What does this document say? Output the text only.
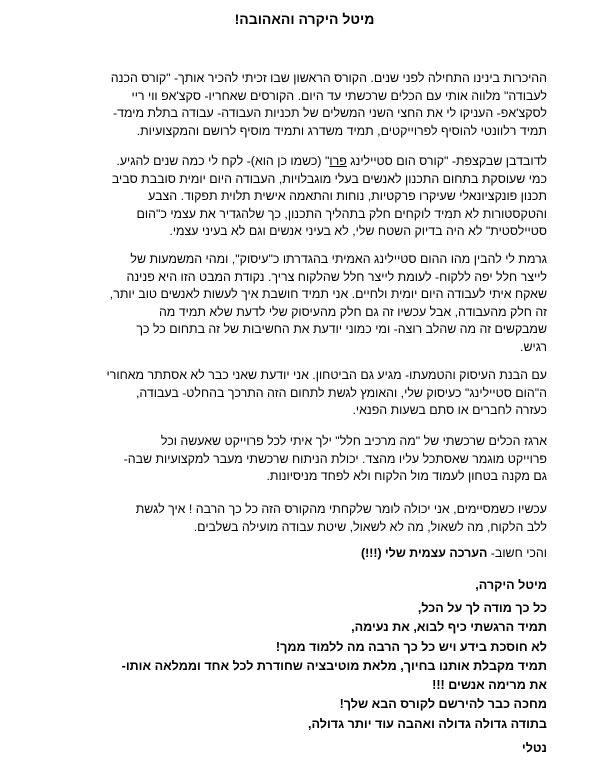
מיטל היקרה והאהובה!

ההיכרות בינינו התחילה לפני שנים. הקורס הראשון שבו זכיתי להכיר אותך- "קורס הכנה
לעבודה" מלווה אותי עם הכלים שרכשתי עד היום. הקורסים שאחריו- סקצ'אפ ווי ריי
לסקצ'אפ- העניקו לי את החצי השני המשלים של תכניות העבודה- עבודה בתלת מימד-
תמיד רלוונטי להוסיף לפרוייקטים, תמיד משדרג ותמיד מוסיף לרושם והמקצועיות.

לדובדבן שבקצפת- "קורס הום סטיילינג פרו" (כשמו כן הוא)- לקח לי כמה שנים להגיע.
כמי שעוסקת בתחום התכנון לאנשים בעלי מוגבלויות, העבודה היום יומית סובבת סביב
תכנון פונקציונאלי שעיקרו פרקטיות, נוחות והתאמה אישית תלוית תפקוד. הצבע
והטקסטורות לא תמיד לוקחים חלק בתהליך התכנון, כך שלהגדיר את עצמי כ"הום
סטיילסטית" לא היה בדיוק השטח שלי, לא בעיני אנשים וגם לא בעיני עצמי.

גרמת לי להבין מהו ההום סטיילינג האמיתי בהגדרתו כ"עיסוק", ומהי המשמעות של
לייצר חלל יפה ללקוח- לעומת לייצר חלל שהלקוח צריך. נקודת המבט הזו היא פנינה
שאקח איתי לעבודה היום יומית ולחיים. אני תמיד חושבת איך לעשות לאנשים טוב יותר,
זה חלק מהעבודה, אבל עכשיו זה גם חלק מהעיסוק שלי לדעת שלא תמיד מה
שמבקשים זה מה שהלב רוצה- ומי כמוני יודעת את החשיבות של זה בתחום כל כך
רגיש.

עם הבנת העיסוק והטמעתו- מגיע גם הביטחון. אני יודעת שאני כבר לא אסתתר מאחורי
ה"הום סטיילינג" כעיסוק שלי, והאומץ לגשת לתחום הזה התרכך בהחלט- בעבודה,
כעזרה לחברים או סתם בשעות הפנאי.

ארגז הכלים שרכשתי של "מה מרכיב חלל" ילך איתי לכל פרוייקט שאעשה וכל
פרוייקט מוגמר שאסתכל עליו מהצד. יכולת הניתוח שרכשתי מעבר למקצועיות שבה-
גם מקנה בטחון לעמוד מול הלקוח ולא לפחד מניסיונות.

עכשיו כשמסיימים, אני יכולה לומר שלקחתי מהקורס הזה כל כך הרבה ! איך לגשת
ללב הלקוח, מה לשאול, מה לא לשאול, שיטת עבודה מועילה בשלבים.

והכי חשוב- הערכה עצמית שלי (!!!)

מיטל היקרה,
כל כך מודה לך על הכל,
תמיד הרגשתי כיף לבוא, את נעימה,
לא חוסכת בידע ויש כל כך הרבה מה ללמוד ממך!
תמיד מקבלת אותנו בחיוך, מלאת מוטיבציה שחודרת לכל אחד וממלאה אותו-
את מרימה אנשים !!!
מחכה כבר להירשם לקורס הבא שלך!
בתודה גדולה גדולה ואהבה עוד יותר גדולה,
נטלי
